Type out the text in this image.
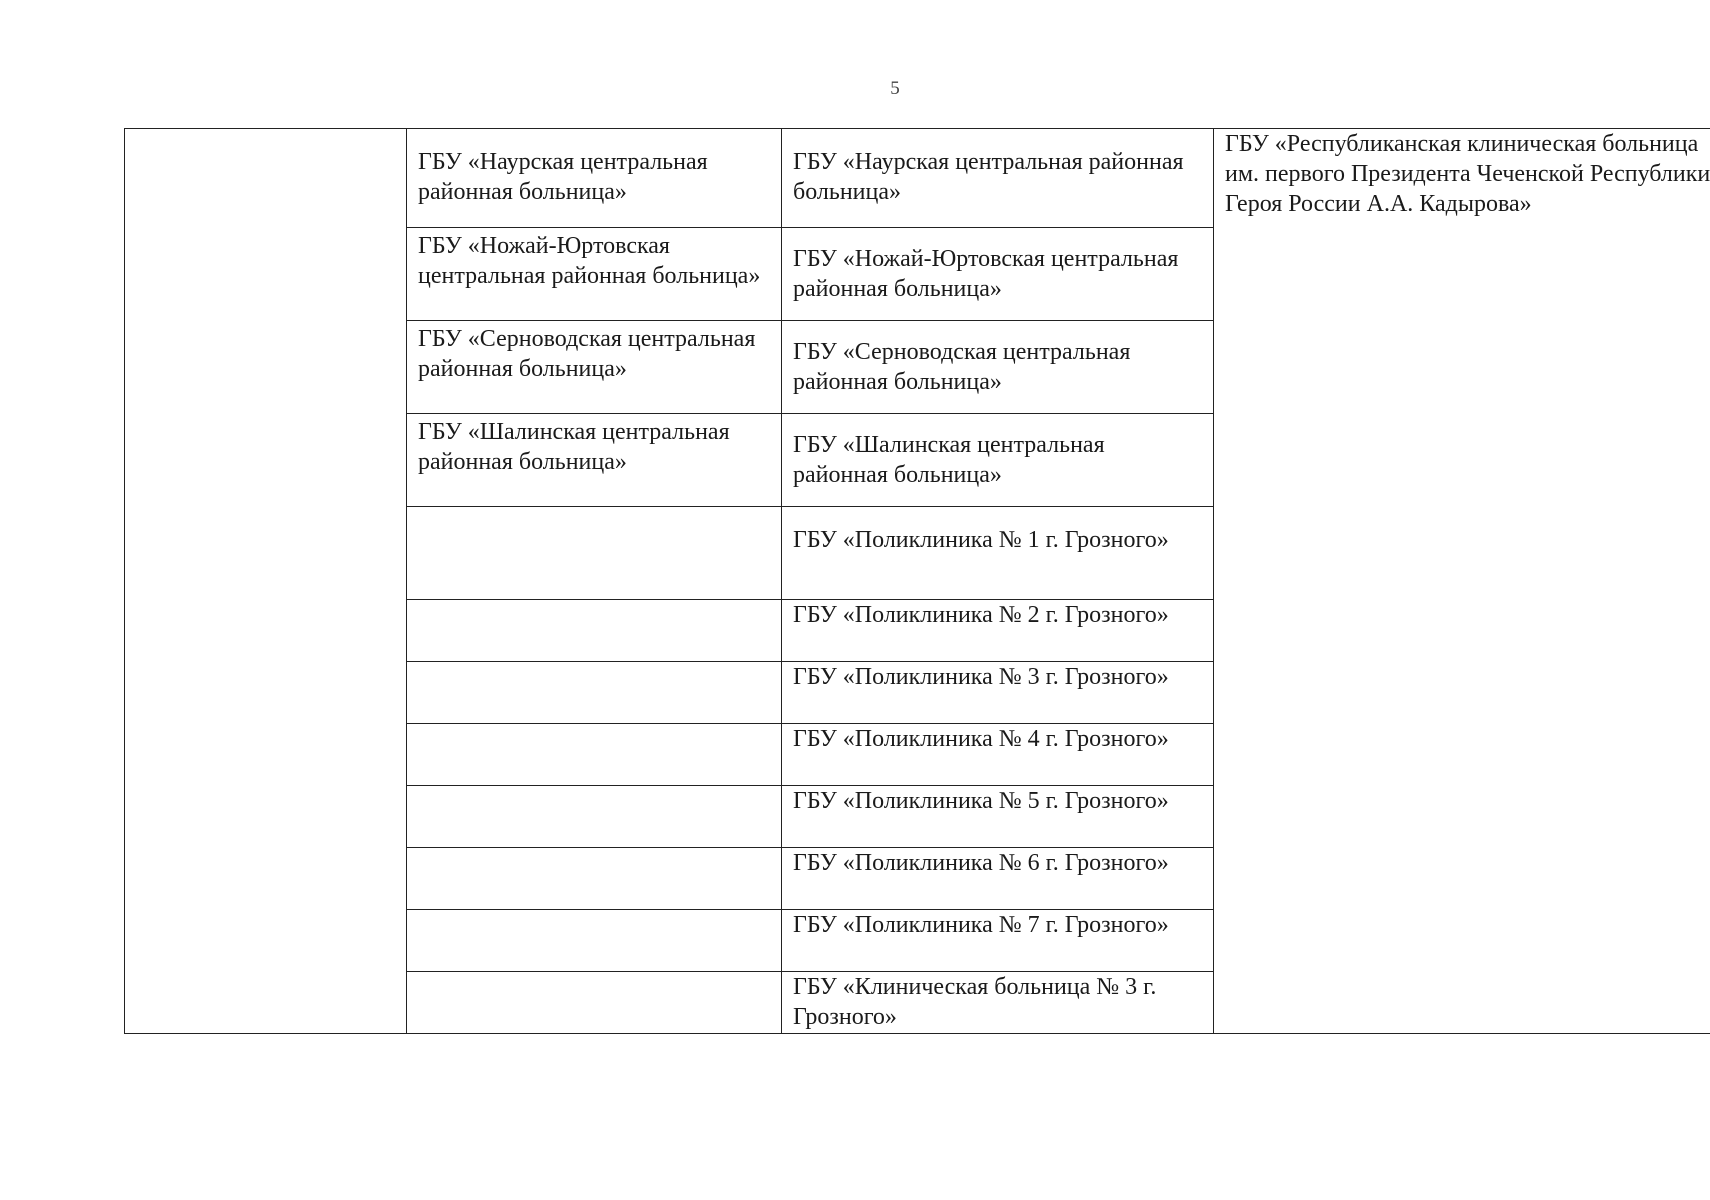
5
	ГБУ «Наурская центральная районная больница»	ГБУ «Наурская центральная районная больница»	ГБУ «Республиканская клиническая больница им. первого Президента Чеченской Республики Героя России А.А. Кадырова»
	ГБУ «Ножай-Юртовская центральная районная больница»	ГБУ «Ножай-Юртовская центральная районная больница»	
	ГБУ «Серноводская центральная районная больница»	ГБУ «Серноводская центральная районная больница»	
	ГБУ «Шалинская центральная районная больница»	ГБУ «Шалинская центральная районная больница»	
		ГБУ «Поликлиника № 1 г. Грозного»	
		ГБУ «Поликлиника № 2 г. Грозного»	
		ГБУ «Поликлиника № 3 г. Грозного»	
		ГБУ «Поликлиника № 4 г. Грозного»	
		ГБУ «Поликлиника № 5 г. Грозного»	
		ГБУ «Поликлиника № 6 г. Грозного»	
		ГБУ «Поликлиника № 7 г. Грозного»	
		ГБУ «Клиническая больница № 3 г. Грозного»	
